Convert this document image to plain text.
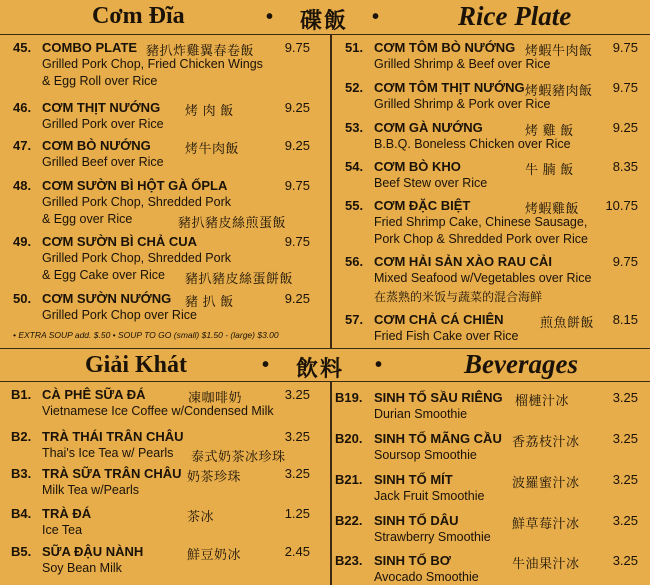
Cơm Đĩa	• 碟飯 •	Rice Plate
45. COMBO PLATE 豬扒炸雞翼春卷飯 9.75
Grilled Pork Chop, Fried Chicken Wings
& Egg Roll over Rice
46. CƠM THỊT NƯỚNG 烤 肉 飯	9.25
Grilled Pork over Rice
47. CƠM BÒ NƯỚNG	烤牛肉飯	9.25
Grilled Beef over Rice
48. CƠM SƯỜN BÌ HỘT GÀ ỐPLA	9.75
Grilled Pork Chop, Shredded Pork
& Egg over Rice	豬扒豬皮絲煎蛋飯
49. CƠM SƯỜN BÌ CHẢ CUA	9.75
Grilled Pork Chop, Shredded Pork
& Egg Cake over Rice 豬扒豬皮絲蛋餅飯
50. CƠM SƯỜN NƯỚNG 豬 扒 飯	9.25
Grilled Pork Chop over Rice
• EXTRA SOUP add. $.50 • SOUP TO GO (small) $1.50 - (large) $3.00
51. CƠM TÔM BÒ NƯỚNG 烤蝦牛肉飯 9.75
Grilled Shrimp & Beef over Rice
52. CƠM TÔM THỊT NƯỚNG 烤蝦豬肉飯 9.75
Grilled Shrimp & Pork over Rice
53. CƠM GÀ NƯỚNG	烤 雞 飯	9.25
B.B.Q. Boneless Chicken over Rice
54. CƠM BÒ KHO	牛 腩 飯	8.35
Beef Stew over Rice
55. CƠM ĐẶC BIỆT	烤蝦雞飯 10.75
Fried Shrimp Cake, Chinese Sausage,
Pork Chop & Shredded Pork over Rice
56. CƠM HẢI SẢN XÀO RAU CẢI	9.75
Mixed Seafood w/Vegetables over Rice
在蒸熟的米饭与蔬菜的混合海鲜
57. CƠM CHẢ CÁ CHIÊN	煎魚餅飯 8.15
Fried Fish Cake over Rice
Giải Khát	• 飲料 •	Beverages
B1. CÀ PHÊ SỮA ĐÁ	凍咖啡奶	3.25
Vietnamese Ice Coffee w/Condensed Milk
B2. TRÀ THÁI TRÂN CHÂU	3.25
Thai's Ice Tea w/ Pearls 泰式奶茶冰珍珠
B3. TRÀ SỮA TRÂN CHÂU 奶茶珍珠	3.25
Milk Tea w/Pearls
B4. TRÀ ĐÁ	茶冰	1.25
Ice Tea
B5. SỮA ĐẬU NÀNH	鮮豆奶冰	2.45
Soy Bean Milk
B19. SINH TỐ SẦU RIÊNG 榴槤汁冰	3.25
Durian Smoothie
B20. SINH TỐ MÃNG CẦU 香荔枝汁冰	3.25
Soursop Smoothie
B21. SINH TỐ MÍT	波羅蜜汁冰	3.25
Jack Fruit Smoothie
B22. SINH TỐ DÂU	鮮草莓汁冰	3.25
Strawberry Smoothie
B23. SINH TỐ BƠ	牛油果汁冰	3.25
Avocado Smoothie
